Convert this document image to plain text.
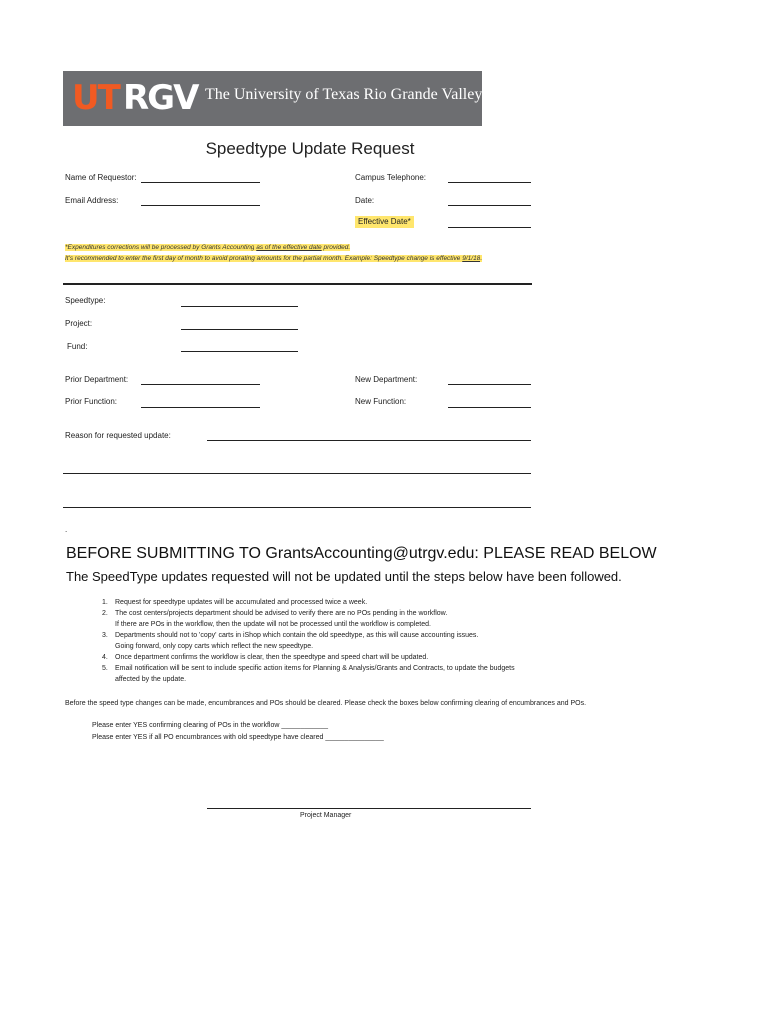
UT RGV The University of Texas Rio Grande Valley
Speedtype Update Request
Name of Requestor:	Campus Telephone:
Email Address:	Date:
Effective Date*
*Expenditures corrections will be processed by Grants Accounting as of the effective date provided.
It's recommended to enter the first day of month to avoid prorating amounts for the partial month. Example: Speedtype change is effective 9/1/18.
Speedtype:
Project:
Fund:
Prior Department:	New Department:
Prior Function:	New Function:
Reason for requested update:
.
BEFORE SUBMITTING TO GrantsAccounting@utrgv.edu: PLEASE READ BELOW
The SpeedType updates requested will not be updated until the steps below have been followed.
1. Request for speedtype updates will be accumulated and processed twice a week.
2. The cost centers/projects department should be advised to verify there are no POs pending in the workflow.
If there are POs in the workflow, then the update will not be processed until the workflow is completed.
3. Departments should not to 'copy' carts in iShop which contain the old speedtype, as this will cause accounting issues.
Going forward, only copy carts which reflect the new speedtype.
4. Once department confirms the workflow is clear, then the speedtype and speed chart will be updated.
5. Email notification will be sent to include specific action items for Planning & Analysis/Grants and Contracts, to update the budgets
affected by the update.
Before the speed type changes can be made, encumbrances and POs should be cleared. Please check the boxes below confirming clearing of encumbrances and POs.
Please enter YES confirming clearing of POs in the workflow ____________
Please enter YES if all PO encumbrances with old speedtype have cleared _______________
Project Manager
